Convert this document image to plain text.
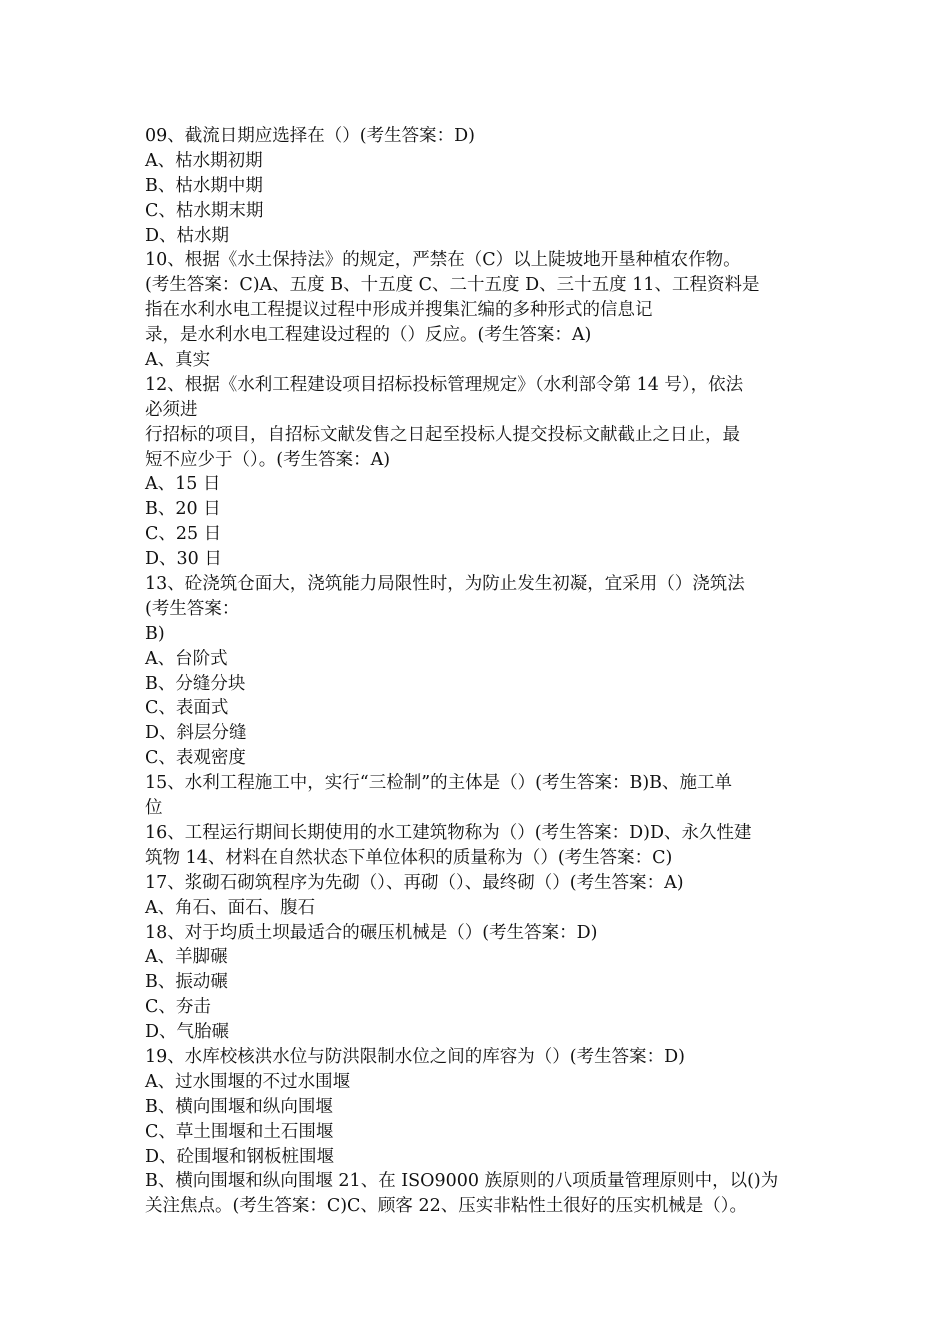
09、截流日期应选择在（）(考生答案：D)
A、枯水期初期
B、枯水期中期
C、枯水期末期
D、枯水期
10、根据《水土保持法》的规定，严禁在（C）以上陡坡地开垦种植农作物。
(考生答案：C)A、五度 B、十五度 C、二十五度 D、三十五度 11、工程资料是
指在水利水电工程提议过程中形成并搜集汇编的多种形式的信息记
录，是水利水电工程建设过程的（）反应。(考生答案：A)
A、真实
12、根据《水利工程建设项目招标投标管理规定》（水利部令第 14 号），依法
必须进
行招标的项目，自招标文献发售之日起至投标人提交投标文献截止之日止，最
短不应少于（）。(考生答案：A)
A、15 日
B、20 日
C、25 日
D、30 日
13、砼浇筑仓面大，浇筑能力局限性时，为防止发生初凝，宜采用（）浇筑法
(考生答案：
B)
A、台阶式
B、分缝分块
C、表面式
D、斜层分缝
C、表观密度
15、水利工程施工中，实行“三检制”的主体是（）(考生答案：B)B、施工单
位
16、工程运行期间长期使用的水工建筑物称为（）(考生答案：D)D、永久性建
筑物 14、材料在自然状态下单位体积的质量称为（）(考生答案：C)
17、浆砌石砌筑程序为先砌（）、再砌（）、最终砌（）(考生答案：A)
A、角石、面石、腹石
18、对于均质土坝最适合的碾压机械是（）(考生答案：D)
A、羊脚碾
B、振动碾
C、夯击
D、气胎碾
19、水库校核洪水位与防洪限制水位之间的库容为（）(考生答案：D)
A、过水围堰的不过水围堰
B、横向围堰和纵向围堰
C、草土围堰和土石围堰
D、砼围堰和钢板桩围堰
B、横向围堰和纵向围堰 21、在 ISO9000 族原则的八项质量管理原则中，以()为
关注焦点。(考生答案：C)C、顾客 22、压实非粘性土很好的压实机械是（）。
